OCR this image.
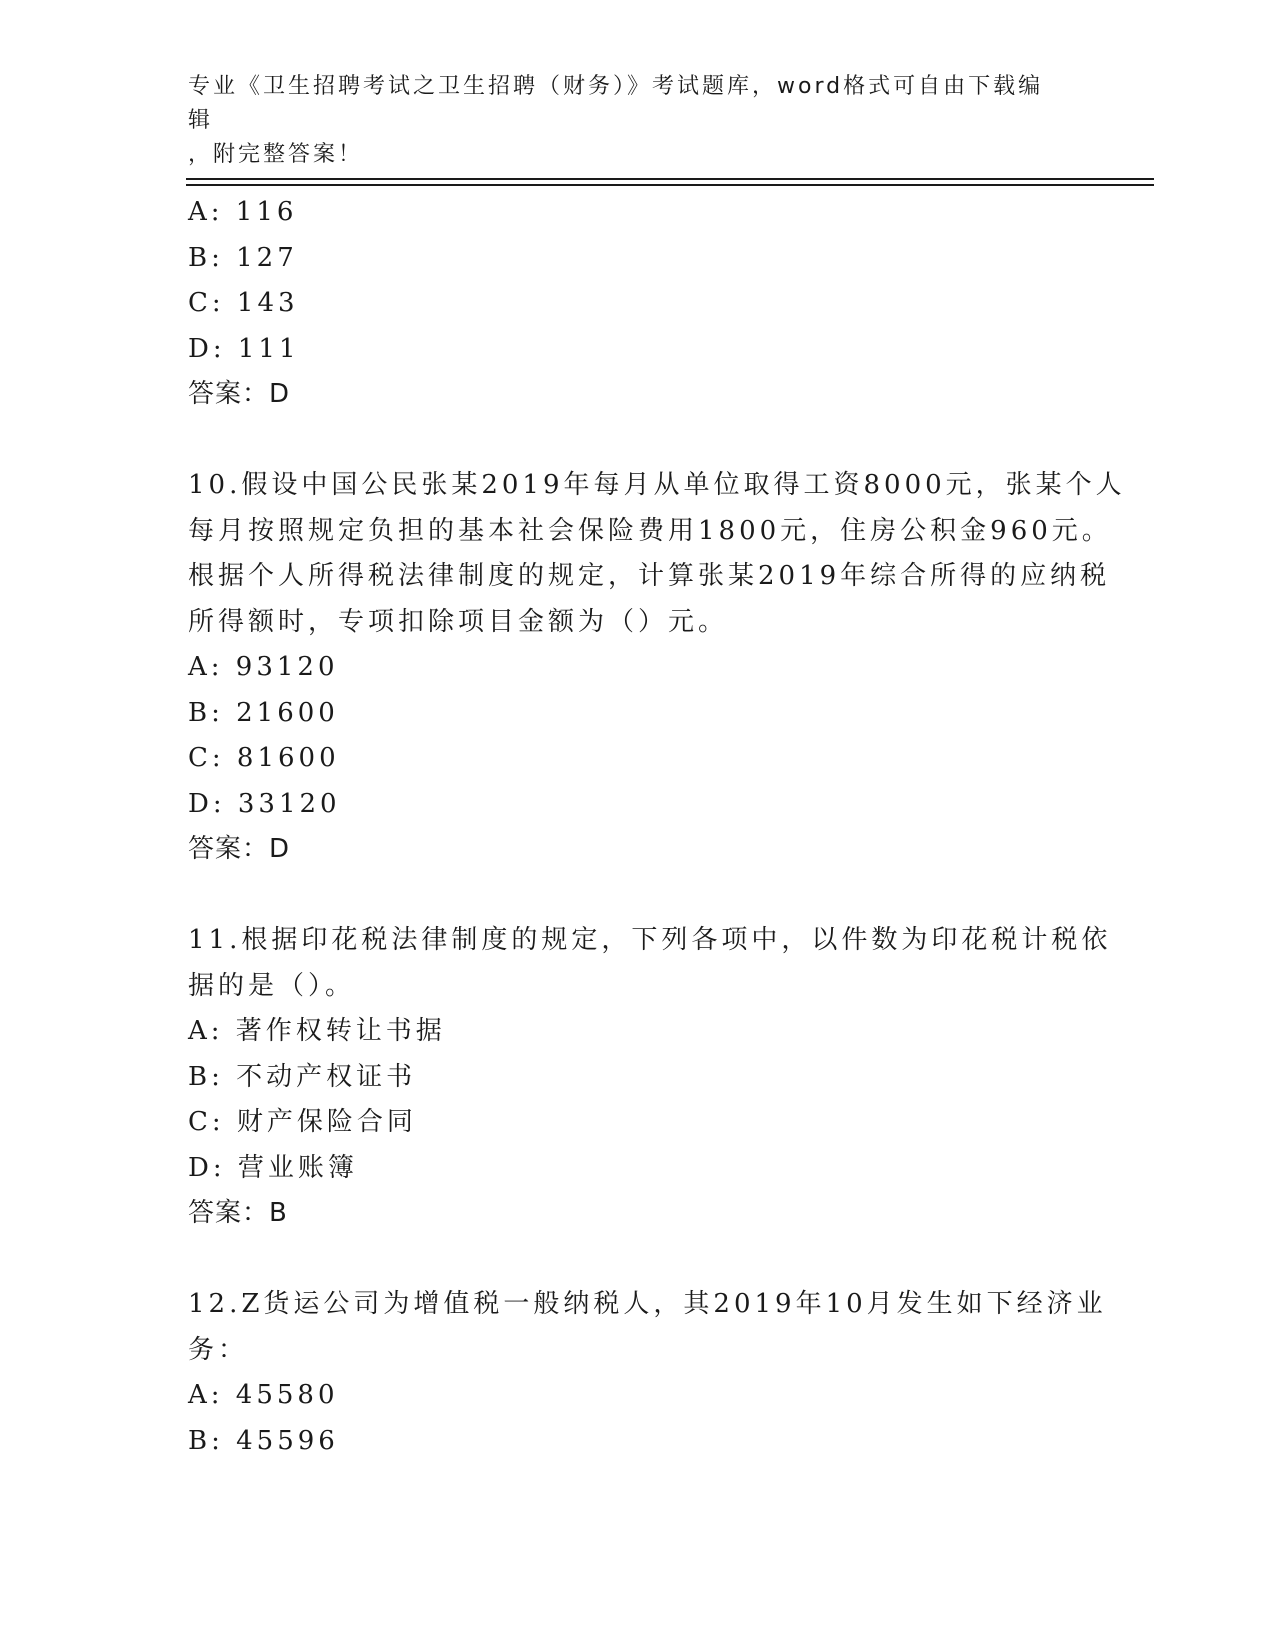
专业《卫生招聘考试之卫生招聘（财务）》考试题库，word格式可自由下载编辑
，附完整答案！
A: 116
B: 127
C: 143
D: 111
答案：D
10.假设中国公民张某2019年每月从单位取得工资8000元，张某个人
每月按照规定负担的基本社会保险费用1800元，住房公积金960元。
根据个人所得税法律制度的规定，计算张某2019年综合所得的应纳税
所得额时，专项扣除项目金额为（）元。
A: 93120
B: 21600
C: 81600
D: 33120
答案：D
11.根据印花税法律制度的规定，下列各项中，以件数为印花税计税依
据的是（）。
A: 著作权转让书据
B: 不动产权证书
C: 财产保险合同
D: 营业账簿
答案：B
12.Z货运公司为增值税一般纳税人，其2019年10月发生如下经济业
务：
A: 45580
B: 45596
